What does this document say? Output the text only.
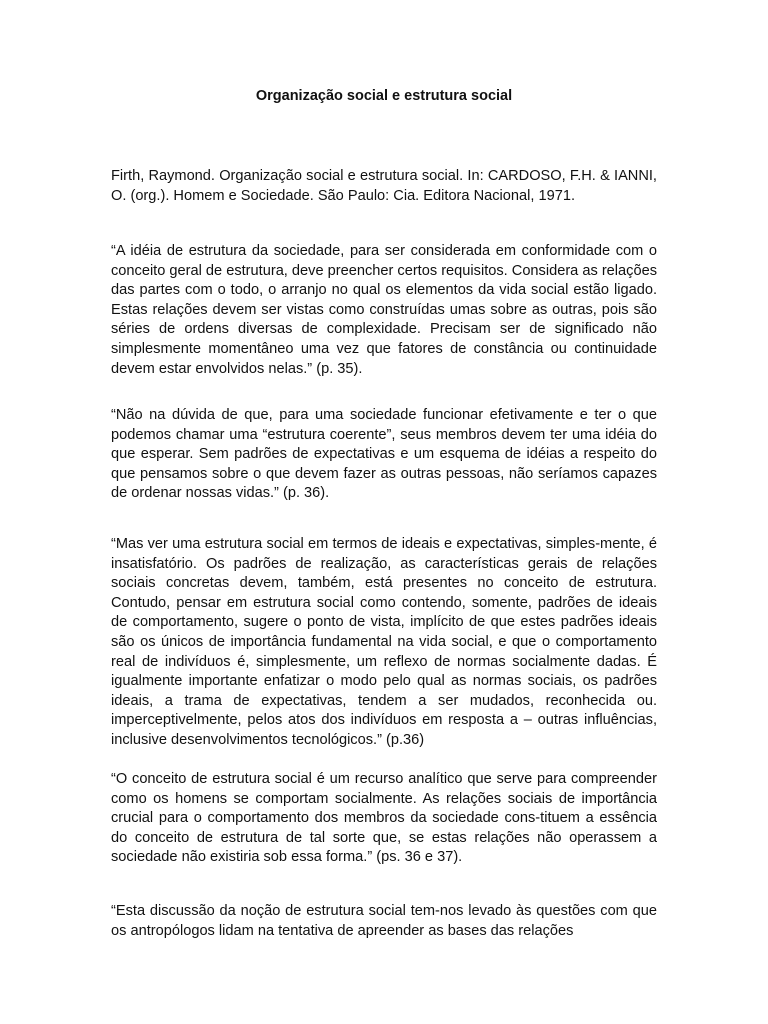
Organização social e estrutura social
Firth, Raymond. Organização social e estrutura social. In: CARDOSO, F.H. & IANNI, O. (org.). Homem e Sociedade. São Paulo: Cia. Editora Nacional, 1971.
“A idéia de estrutura da sociedade, para ser considerada em conformidade com o conceito geral de estrutura, deve preencher certos requisitos. Considera as relações das partes com o todo, o arranjo no qual os elementos da vida social estão ligado. Estas relações devem ser vistas como construídas umas sobre as outras, pois são séries de ordens diversas de complexidade. Precisam ser de significado não simplesmente momentâneo uma vez que fatores de constância ou continuidade devem estar envolvidos nelas.” (p. 35).
“Não na dúvida de que, para uma sociedade funcionar efetivamente e ter o que podemos chamar uma “estrutura coerente”, seus membros devem ter uma idéia do que esperar. Sem padrões de expectativas e um esquema de idéias a respeito do que pensamos sobre o que devem fazer as outras pessoas, não seríamos capazes de ordenar nossas vidas.” (p. 36).
“Mas ver uma estrutura social em termos de ideais e expectativas, simples-mente, é insatisfatório. Os padrões de realização, as características gerais de relações sociais concretas devem, também, está presentes no conceito de estrutura. Contudo, pensar em estrutura social como contendo, somente, padrões de ideais de comportamento, sugere o ponto de vista, implícito de que estes padrões ideais são os únicos de importância fundamental na vida social, e que o comportamento real de indivíduos é, simplesmente, um reflexo de normas socialmente dadas. É igualmente importante enfatizar o modo pelo qual as normas sociais, os padrões ideais, a trama de expectativas, tendem a ser mudados, reconhecida ou. imperceptivelmente, pelos atos dos indivíduos em resposta a – outras influências, inclusive desenvolvimentos tecnológicos.” (p.36)
“O conceito de estrutura social é um recurso analítico que serve para compreender como os homens se comportam socialmente. As relações sociais de importância crucial para o comportamento dos membros da sociedade cons-tituem a essência do conceito de estrutura de tal sorte que, se estas relações não operassem a sociedade não existiria sob essa forma.” (ps. 36 e 37).
“Esta discussão da noção de estrutura social tem-nos levado às questões com que os antropólogos lidam na tentativa de apreender as bases das relações
